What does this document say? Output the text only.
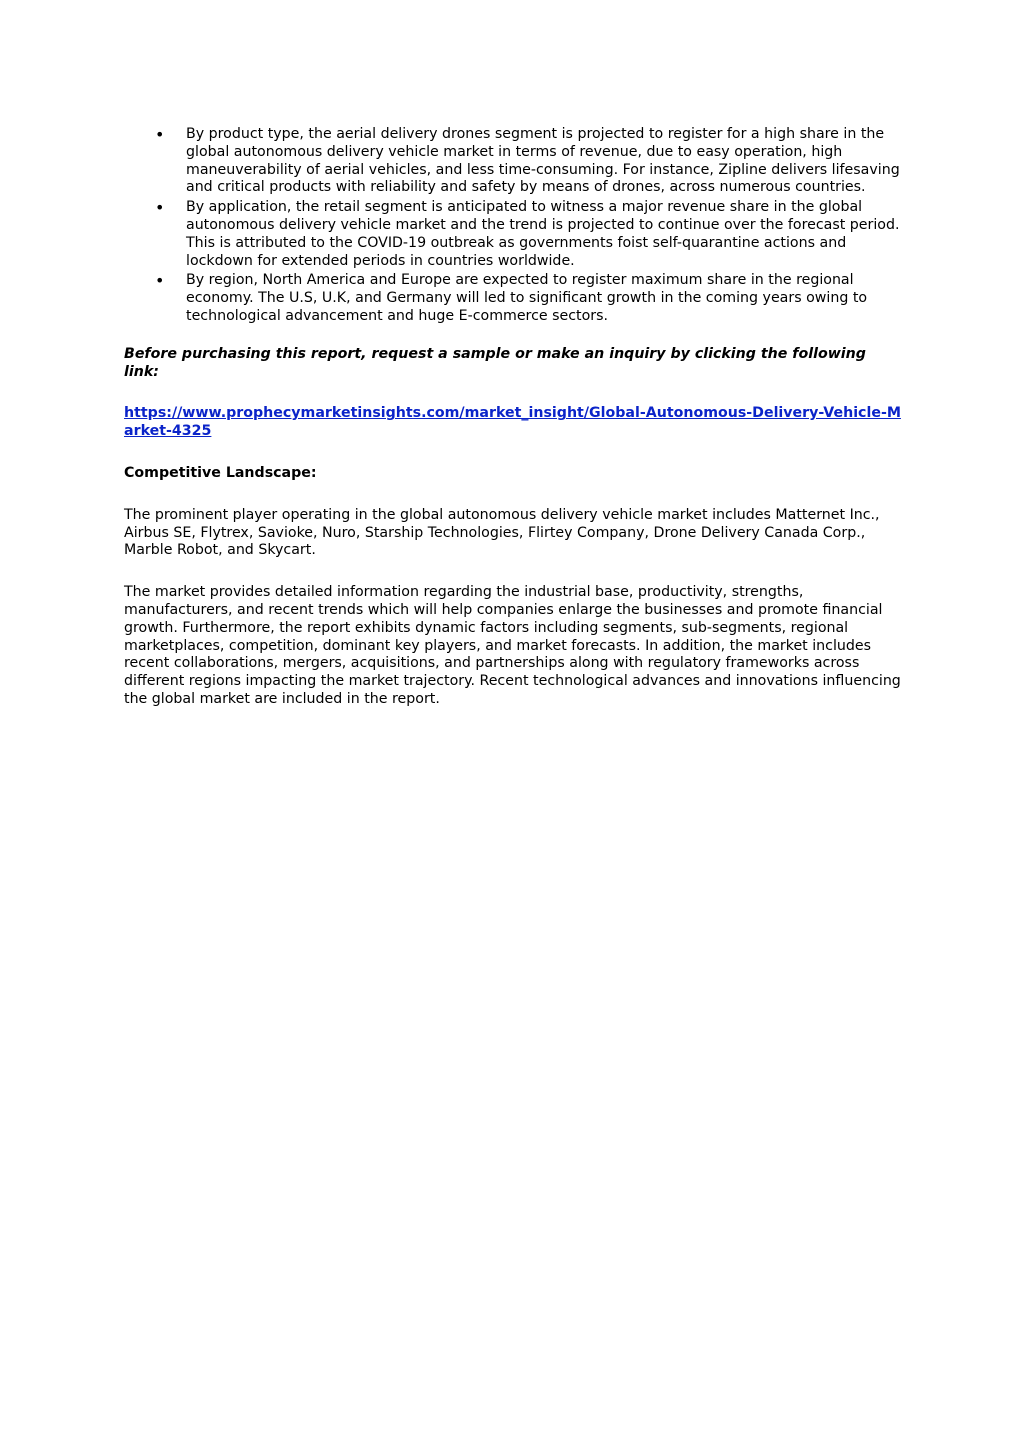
• By product type, the aerial delivery drones segment is projected to register for a high share in the global autonomous delivery vehicle market in terms of revenue, due to easy operation, high maneuverability of aerial vehicles, and less time-consuming. For instance, Zipline delivers lifesaving and critical products with reliability and safety by means of drones, across numerous countries.
• By application, the retail segment is anticipated to witness a major revenue share in the global autonomous delivery vehicle market and the trend is projected to continue over the forecast period. This is attributed to the COVID-19 outbreak as governments foist self-quarantine actions and lockdown for extended periods in countries worldwide.
• By region, North America and Europe are expected to register maximum share in the regional economy. The U.S, U.K, and Germany will led to significant growth in the coming years owing to technological advancement and huge E-commerce sectors.

Before purchasing this report, request a sample or make an inquiry by clicking the following link:

https://www.prophecymarketinsights.com/market_insight/Global-Autonomous-Delivery-Vehicle-Market-4325

Competitive Landscape:

The prominent player operating in the global autonomous delivery vehicle market includes Matternet Inc., Airbus SE, Flytrex, Savioke, Nuro, Starship Technologies, Flirtey Company, Drone Delivery Canada Corp., Marble Robot, and Skycart.

The market provides detailed information regarding the industrial base, productivity, strengths, manufacturers, and recent trends which will help companies enlarge the businesses and promote financial growth. Furthermore, the report exhibits dynamic factors including segments, sub-segments, regional marketplaces, competition, dominant key players, and market forecasts. In addition, the market includes recent collaborations, mergers, acquisitions, and partnerships along with regulatory frameworks across different regions impacting the market trajectory. Recent technological advances and innovations influencing the global market are included in the report.
